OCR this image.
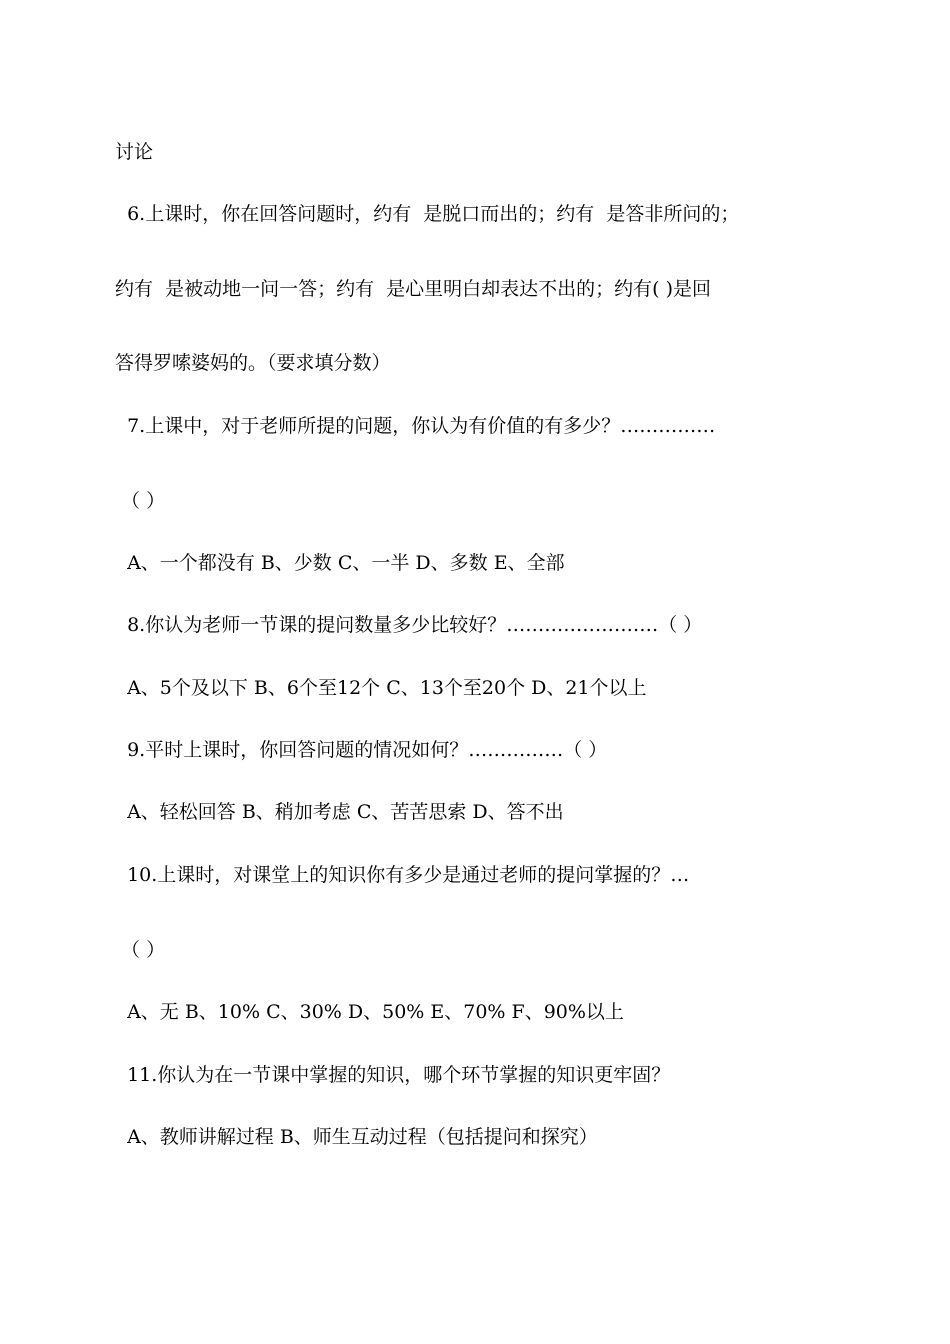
讨论
6.上课时，你在回答问题时，约有  是脱口而出的；约有  是答非所问的；
约有  是被动地一问一答；约有  是心里明白却表达不出的；约有( )是回
答得罗嗦婆妈的。（要求填分数）
7.上课中，对于老师所提的问题，你认为有价值的有多少？……………
（ ）
A、一个都没有 B、少数 C、一半 D、多数 E、全部
8.你认为老师一节课的提问数量多少比较好？……………………（ ）
A、5个及以下 B、6个至12个 C、13个至20个 D、21个以上
9.平时上课时，你回答问题的情况如何？……………（ ）
A、轻松回答 B、稍加考虑 C、苦苦思索 D、答不出
10.上课时，对课堂上的知识你有多少是通过老师的提问掌握的？…
（ ）
A、无 B、10% C、30% D、50% E、70% F、90%以上
11.你认为在一节课中掌握的知识，哪个环节掌握的知识更牢固？
A、教师讲解过程 B、师生互动过程（包括提问和探究）
